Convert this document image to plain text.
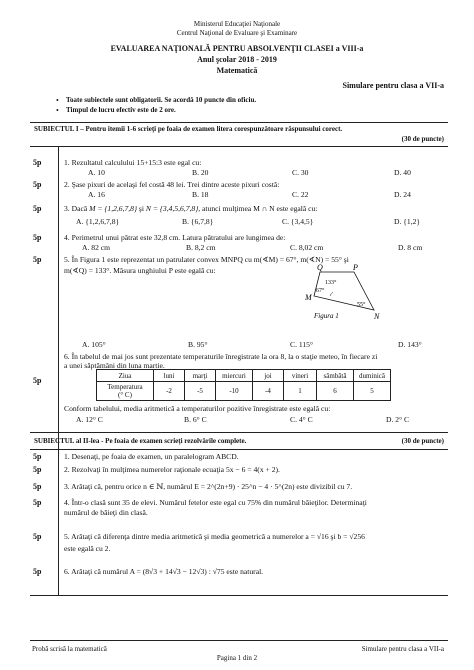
Ministerul Educaţiei Naţionale
Centrul Naţional de Evaluare şi Examinare
EVALUAREA NAŢIONALĂ PENTRU ABSOLVENŢII CLASEI a VIII-a
Anul şcolar 2018 - 2019
Matematică
Simulare pentru clasa a VII-a
• Toate subiectele sunt obligatorii. Se acordă 10 puncte din oficiu.
• Timpul de lucru efectiv este de 2 ore.
SUBIECTUL I – Pentru itemii 1-6 scrieţi pe foaia de examen litera corespunzătoare răspunsului corect.
(30 de puncte)
5p	1. Rezultatul calculului 15+15:3 este egal cu:
A. 10	B. 20	C. 30	D. 40
5p	2. Şase pixuri de acelaşi fel costă 48 lei. Trei dintre aceste pixuri costă:
A. 16	B. 18	C. 22	D. 24
5p	3. Dacă M = {1,2,6,7,8} şi N = {3,4,5,6,7,8}, atunci mulţimea M ∩ N este egală cu:
A. {1,2,6,7,8}	B. {6,7,8}	C. {3,4,5}	D. {1,2}
5p	4. Perimetrul unui pătrat este 32,8 cm. Latura pătratului are lungimea de:
A. 82 cm	B. 8,2 cm	C. 8,02 cm	D. 8 cm
5p	5. În Figura 1 este reprezentat un patrulater convex MNPQ cu m(∢M) = 67°, m(∢N) = 55° şi
m(∢Q) = 133°. Măsura unghiului P este egală cu:	Q	P
M
N
133°
67°
55°
Figura 1
A. 105°	B. 95°	C. 115°	D. 143°
6. În tabelul de mai jos sunt prezentate temperaturile înregistrate la ora 8, la o staţie meteo, în fiecare zi
a unei săptămâni din luna martie.
5p
Ziua	luni	marţi	miercuri	joi	vineri	sâmbătă	duminică

Temperatura
(° C)	-2	-5	-10	-4	1	6	5
Conform tabelului, media aritmetică a temperaturilor pozitive înregistrate este egală cu:
A. 12° C	B. 6° C	C. 4° C	D. 2° C
SUBIECTUL al II-lea - Pe foaia de examen scrieţi rezolvările complete.	(30 de puncte)
5p	1. Desenaţi, pe foaia de examen, un paralelogram ABCD.
5p	2. Rezolvaţi în mulţimea numerelor raţionale ecuaţia 5x − 6 = 4(x + 2).
5p	3. Arătaţi că, pentru orice n ∈ ℕ, numărul E = 2^(2n+9) · 25^n − 4 · 5^(2n) este divizibil cu 7.
5p	4. Într-o clasă sunt 35 de elevi. Numărul fetelor este egal cu 75% din numărul băieţilor. Determinaţi
numărul de băieţi din clasă.
5p	5. Arătaţi că diferenţa dintre media aritmetică şi media geometrică a numerelor a = √16 şi b = √256
este egală cu 2.
5p	6. Arătaţi că numărul A = (8√3 + 14√3 − 12√3) : √75 este natural.
Probă scrisă la matematică	Simulare pentru clasa a VII-a
Pagina 1 din 2
